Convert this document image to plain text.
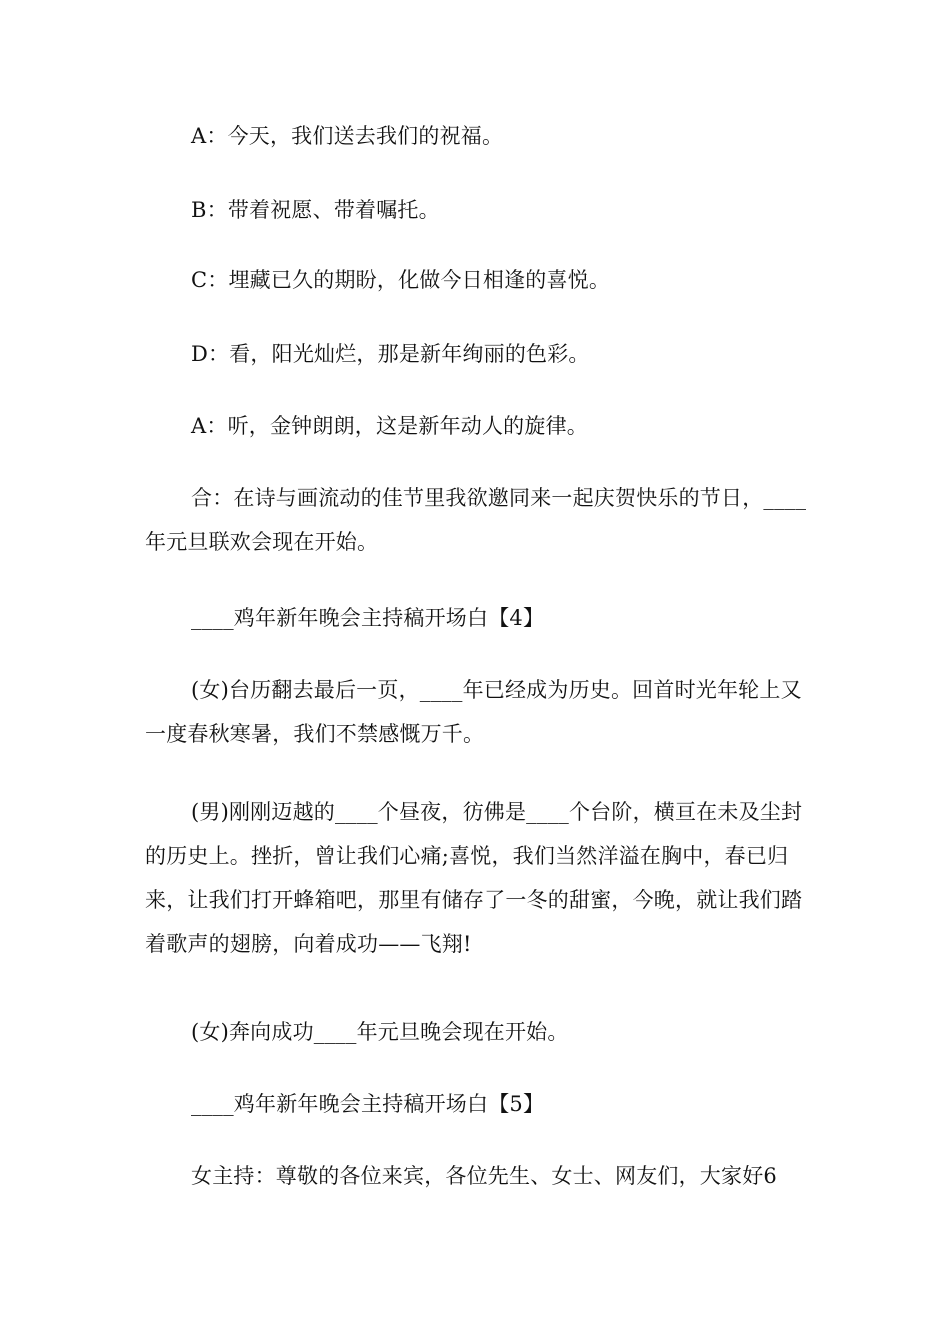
A：今天，我们送去我们的祝福。

B：带着祝愿、带着嘱托。

C：埋藏已久的期盼，化做今日相逢的喜悦。

D：看，阳光灿烂，那是新年绚丽的色彩。

A：听，金钟朗朗，这是新年动人的旋律。

合：在诗与画流动的佳节里我欲邀同来一起庆贺快乐的节日，____年元旦联欢会现在开始。

____鸡年新年晚会主持稿开场白【4】

(女)台历翻去最后一页，____年已经成为历史。回首时光年轮上又一度春秋寒暑，我们不禁感慨万千。

(男)刚刚迈越的____个昼夜，彷佛是____个台阶，横亘在未及尘封的历史上。挫折，曾让我们心痛;喜悦，我们当然洋溢在胸中，春已归来，让我们打开蜂箱吧，那里有储存了一冬的甜蜜，今晚，就让我们踏着歌声的翅膀，向着成功——飞翔!

(女)奔向成功____年元旦晚会现在开始。

____鸡年新年晚会主持稿开场白【5】

女主持：尊敬的各位来宾，各位先生、女士、网友们，大家好6
